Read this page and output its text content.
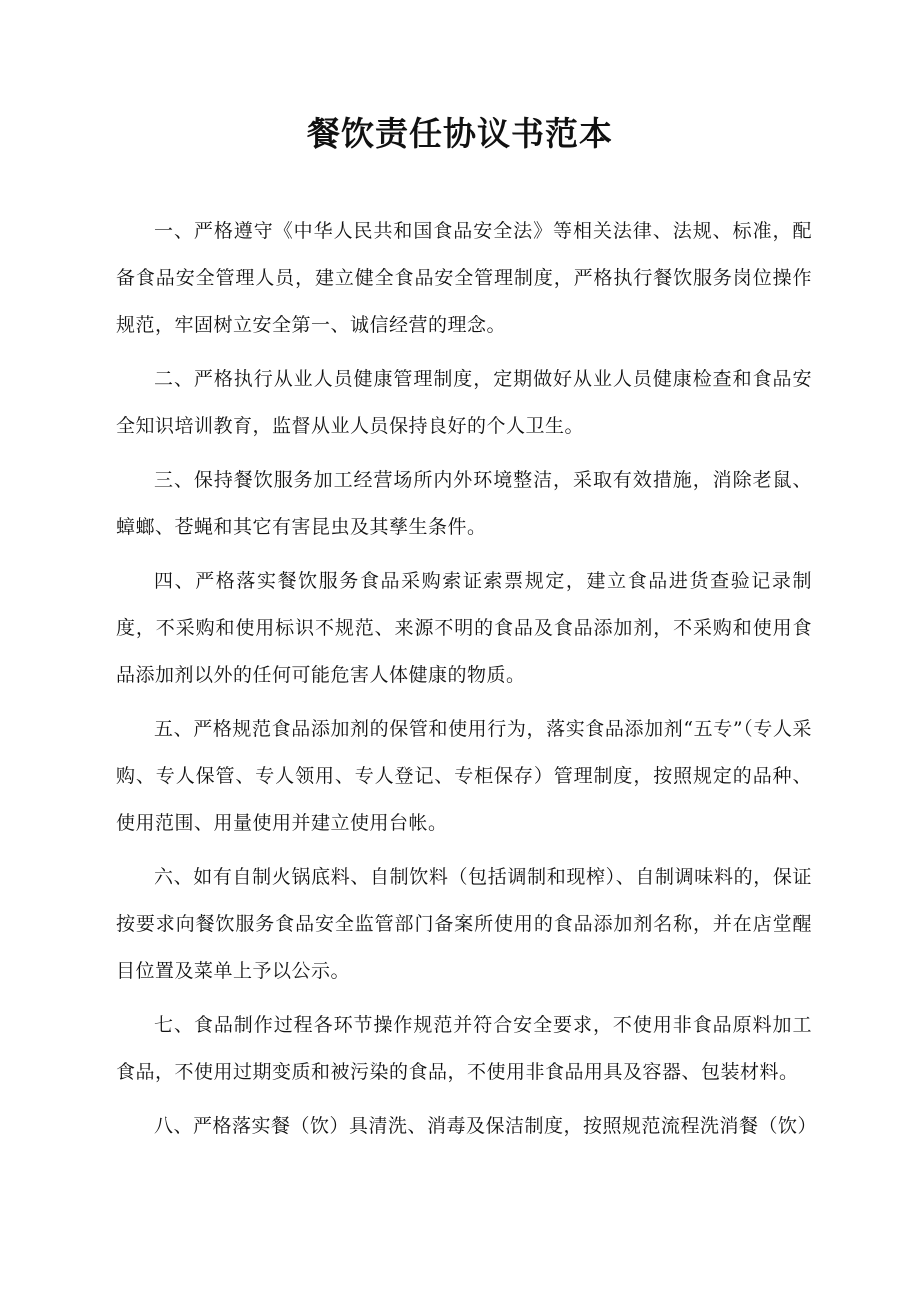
餐饮责任协议书范本

一、严格遵守《中华人民共和国食品安全法》等相关法律、法规、标准，配备食品安全管理人员，建立健全食品安全管理制度，严格执行餐饮服务岗位操作规范，牢固树立安全第一、诚信经营的理念。

二、严格执行从业人员健康管理制度，定期做好从业人员健康检查和食品安全知识培训教育，监督从业人员保持良好的个人卫生。

三、保持餐饮服务加工经营场所内外环境整洁，采取有效措施，消除老鼠、蟑螂、苍蝇和其它有害昆虫及其孳生条件。

四、严格落实餐饮服务食品采购索证索票规定，建立食品进货查验记录制度，不采购和使用标识不规范、来源不明的食品及食品添加剂，不采购和使用食品添加剂以外的任何可能危害人体健康的物质。

五、严格规范食品添加剂的保管和使用行为，落实食品添加剂“五专”（专人采购、专人保管、专人领用、专人登记、专柜保存）管理制度，按照规定的品种、使用范围、用量使用并建立使用台帐。

六、如有自制火锅底料、自制饮料（包括调制和现榨）、自制调味料的，保证按要求向餐饮服务食品安全监管部门备案所使用的食品添加剂名称，并在店堂醒目位置及菜单上予以公示。

七、食品制作过程各环节操作规范并符合安全要求，不使用非食品原料加工食品，不使用过期变质和被污染的食品，不使用非食品用具及容器、包装材料。

八、严格落实餐（饮）具清洗、消毒及保洁制度，按照规范流程洗消餐（饮）
